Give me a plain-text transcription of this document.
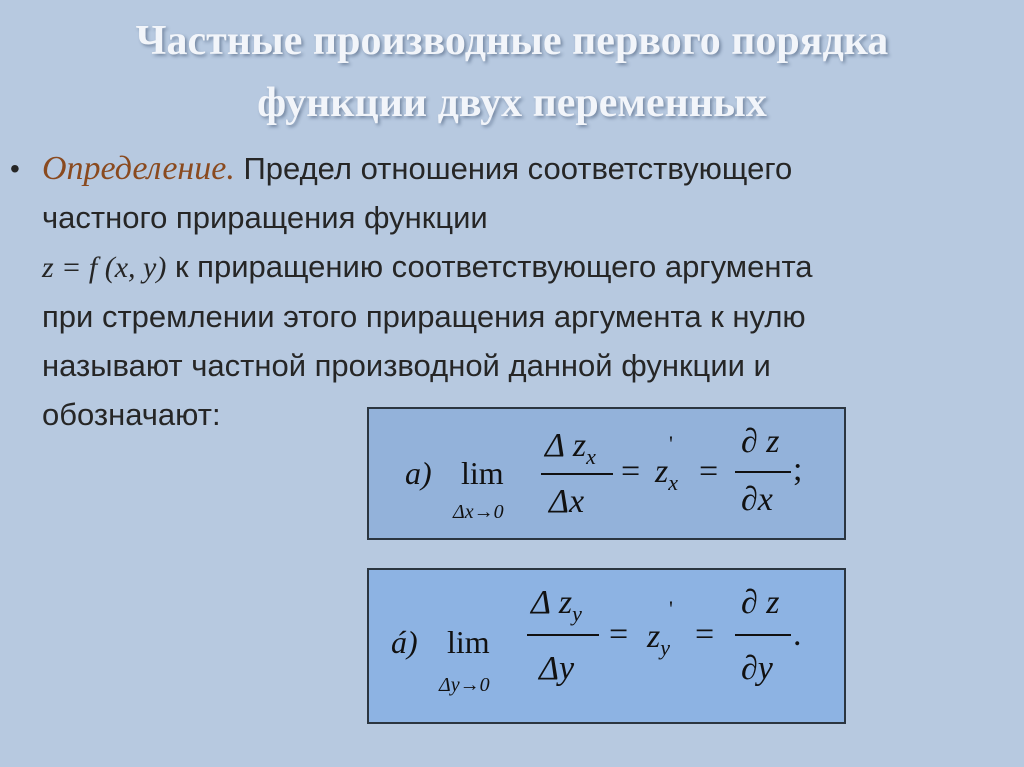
Частные производные первого порядка
функции двух переменных
• Определение. Предел отношения соответствующего
частного приращения функции
z = f (x, y) к приращению соответствующего аргумента
при стремлении этого приращения аргумента к нулю
называют частной производной данной функции и
обозначают:
a) lim
Δx→0
Δ $z_x$
Δx
= $z_x$
'
=
∂ z
∂x
;
á) lim
Δy→0
Δ $z_y$
Δy
= $z_y$
'
=
∂ z
∂y
.
